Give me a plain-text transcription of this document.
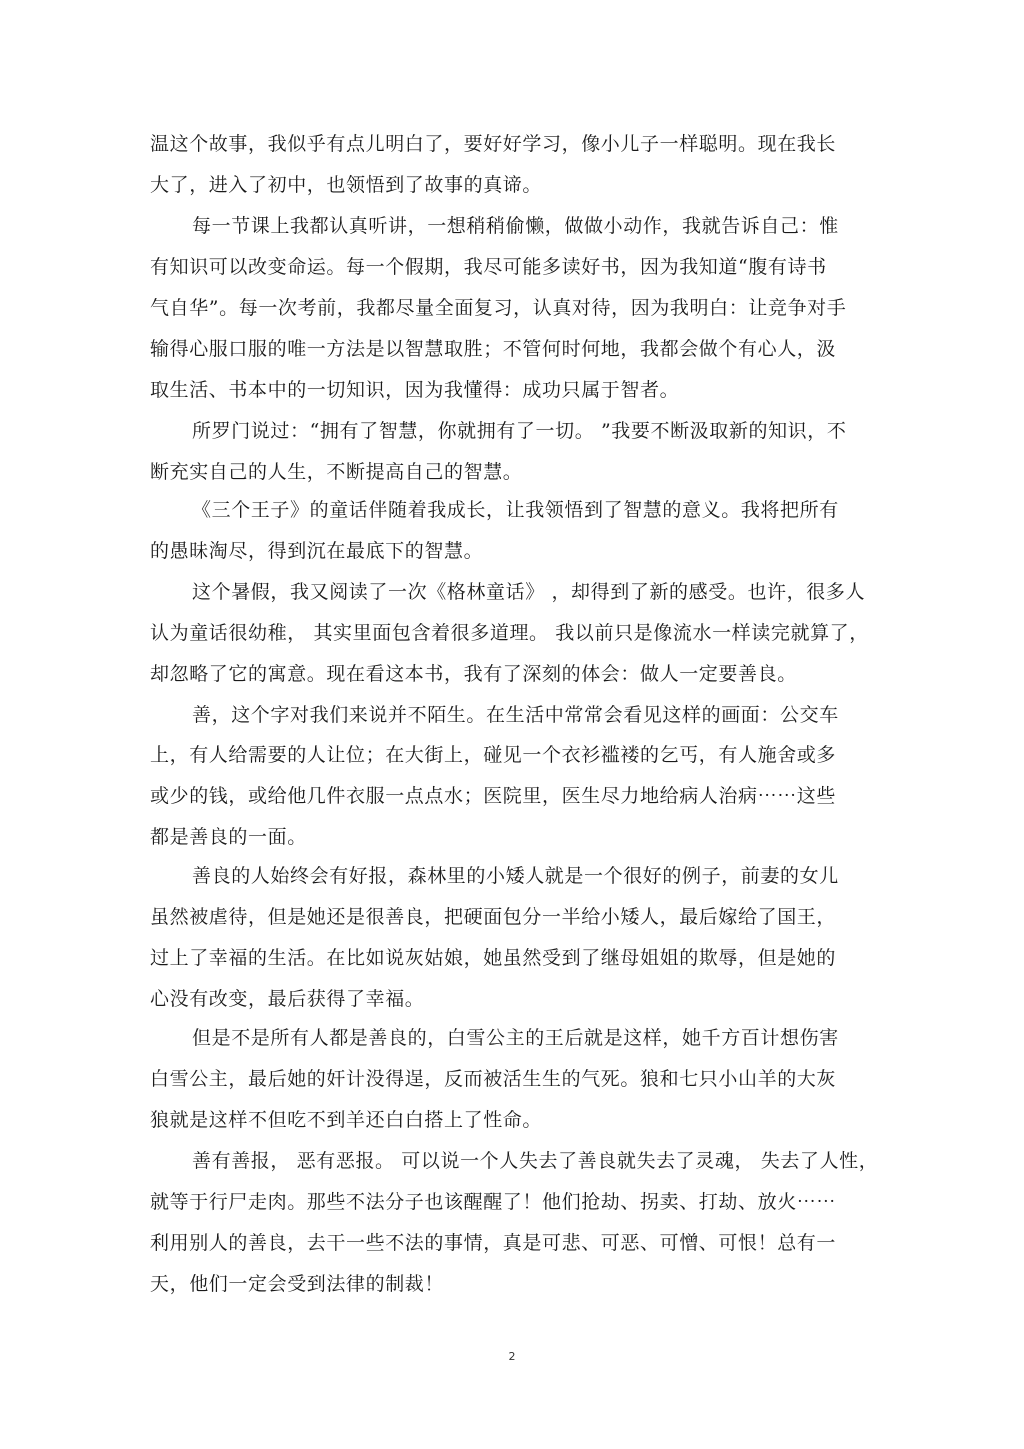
温这个故事，我似乎有点儿明白了，要好好学习，像小儿子一样聪明。现在我长
大了，进入了初中，也领悟到了故事的真谛。
每一节课上我都认真听讲，一想稍稍偷懒，做做小动作，我就告诉自己：惟
有知识可以改变命运。每一个假期，我尽可能多读好书，因为我知道“腹有诗书
气自华”。每一次考前，我都尽量全面复习，认真对待，因为我明白：让竞争对手
输得心服口服的唯一方法是以智慧取胜；不管何时何地，我都会做个有心人，汲
取生活、书本中的一切知识，因为我懂得：成功只属于智者。
所罗门说过：“拥有了智慧，你就拥有了一切。 ”我要不断汲取新的知识，不
断充实自己的人生，不断提高自己的智慧。
《三个王子》的童话伴随着我成长，让我领悟到了智慧的意义。我将把所有
的愚昧淘尽，得到沉在最底下的智慧。
这个暑假，我又阅读了一次《格林童话》 ，却得到了新的感受。也许，很多人
认为童话很幼稚， 其实里面包含着很多道理。 我以前只是像流水一样读完就算了，
却忽略了它的寓意。现在看这本书，我有了深刻的体会：做人一定要善良。
善，这个字对我们来说并不陌生。在生活中常常会看见这样的画面：公交车
上，有人给需要的人让位；在大街上，碰见一个衣衫褴褛的乞丐，有人施舍或多
或少的钱，或给他几件衣服一点点水；医院里，医生尽力地给病人治病⋯⋯这些
都是善良的一面。
善良的人始终会有好报，森林里的小矮人就是一个很好的例子，前妻的女儿
虽然被虐待，但是她还是很善良，把硬面包分一半给小矮人，最后嫁给了国王，
过上了幸福的生活。在比如说灰姑娘，她虽然受到了继母姐姐的欺辱，但是她的
心没有改变，最后获得了幸福。
但是不是所有人都是善良的，白雪公主的王后就是这样，她千方百计想伤害
白雪公主，最后她的奸计没得逞，反而被活生生的气死。狼和七只小山羊的大灰
狼就是这样不但吃不到羊还白白搭上了性命。
善有善报， 恶有恶报。 可以说一个人失去了善良就失去了灵魂， 失去了人性，
就等于行尸走肉。那些不法分子也该醒醒了！他们抢劫、拐卖、打劫、放火⋯⋯
利用别人的善良，去干一些不法的事情，真是可悲、可恶、可憎、可恨！总有一
天，他们一定会受到法律的制裁！
2
